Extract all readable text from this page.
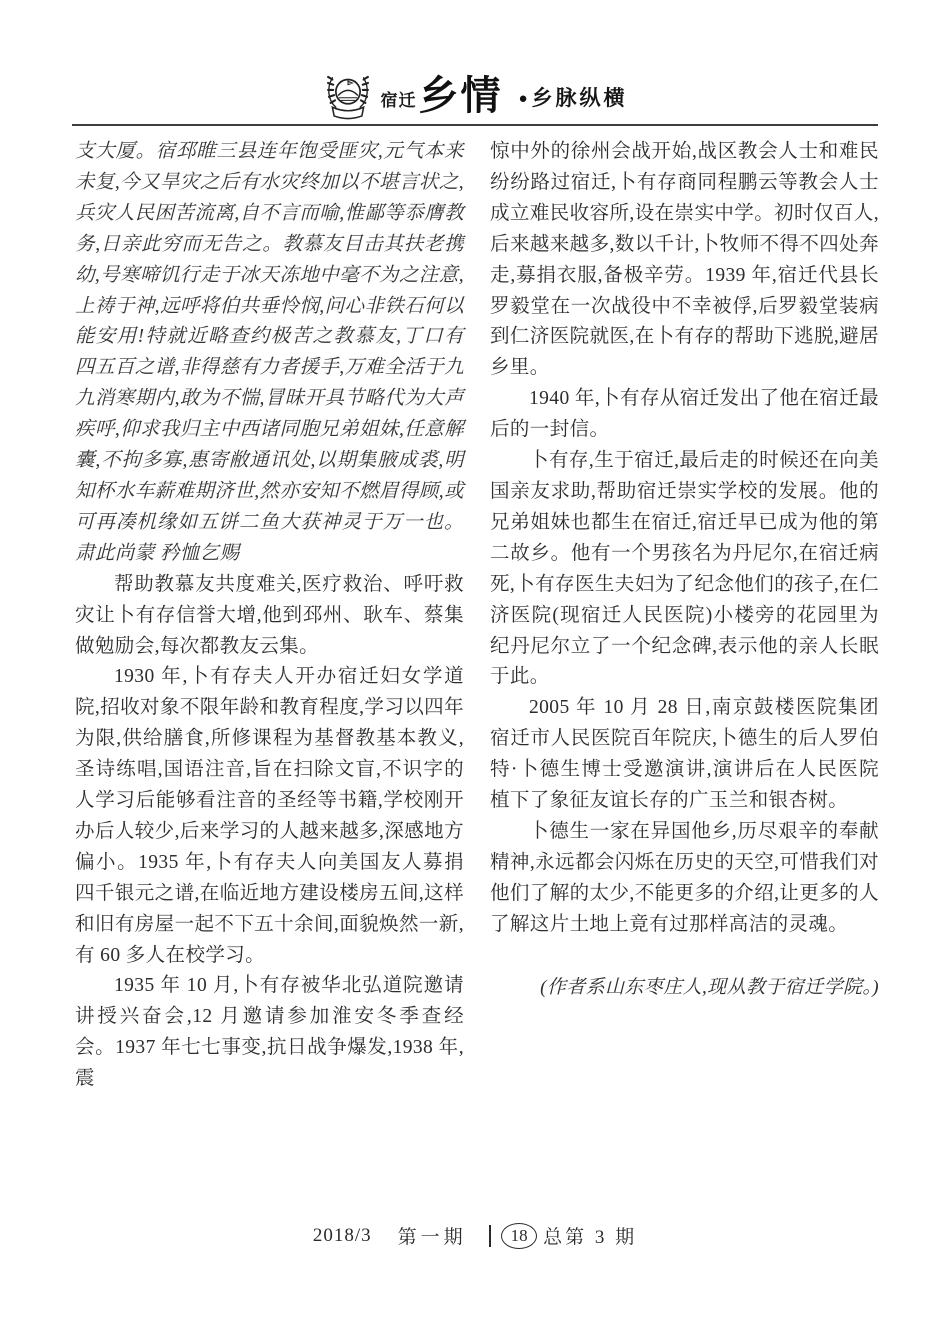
宿迁 乡情 ● 乡脉纵横

支大厦。宿邳睢三县连年饱受匪灾,元气本来未复,今又旱灾之后有水灾终加以不堪言状之,兵灾人民困苦流离,自不言而喻,惟鄙等忝膺教务,日亲此穷而无告之。教慕友目击其扶老携幼,号寒啼饥行走于冰天冻地中毫不为之注意,上祷于神,远呼将伯共垂怜悯,问心非铁石何以能安用!特就近略查约极苦之教慕友,丁口有四五百之谱,非得慈有力者援手,万难全活于九九消寒期内,敢为不惴,冒昧开具节略代为大声疾呼,仰求我归主中西诸同胞兄弟姐妹,任意解囊,不拘多寡,惠寄敝通讯处,以期集腋成裘,明知杯水车薪难期济世,然亦安知不燃眉得顾,或可再凑机缘如五饼二鱼大获神灵于万一也。肃此尚蒙 矜恤乞赐

帮助教慕友共度难关,医疗救治、呼吁救灾让卜有存信誉大增,他到邳州、耿车、蔡集做勉励会,每次都教友云集。

1930 年,卜有存夫人开办宿迁妇女学道院,招收对象不限年龄和教育程度,学习以四年为限,供给膳食,所修课程为基督教基本教义,圣诗练唱,国语注音,旨在扫除文盲,不识字的人学习后能够看注音的圣经等书籍,学校刚开办后人较少,后来学习的人越来越多,深感地方偏小。1935 年,卜有存夫人向美国友人募捐四千银元之谱,在临近地方建设楼房五间,这样和旧有房屋一起不下五十余间,面貌焕然一新,有 60 多人在校学习。

1935 年 10 月,卜有存被华北弘道院邀请讲授兴奋会,12 月邀请参加淮安冬季查经会。1937 年七七事变,抗日战争爆发,1938 年,震

惊中外的徐州会战开始,战区教会人士和难民纷纷路过宿迁,卜有存商同程鹏云等教会人士成立难民收容所,设在崇实中学。初时仅百人,后来越来越多,数以千计,卜牧师不得不四处奔走,募捐衣服,备极辛劳。1939 年,宿迁代县长罗毅堂在一次战役中不幸被俘,后罗毅堂装病到仁济医院就医,在卜有存的帮助下逃脱,避居乡里。

1940 年,卜有存从宿迁发出了他在宿迁最后的一封信。

卜有存,生于宿迁,最后走的时候还在向美国亲友求助,帮助宿迁崇实学校的发展。他的兄弟姐妹也都生在宿迁,宿迁早已成为他的第二故乡。他有一个男孩名为丹尼尔,在宿迁病死,卜有存医生夫妇为了纪念他们的孩子,在仁济医院(现宿迁人民医院)小楼旁的花园里为纪丹尼尔立了一个纪念碑,表示他的亲人长眠于此。

2005 年 10 月 28 日,南京鼓楼医院集团宿迁市人民医院百年院庆,卜德生的后人罗伯特·卜德生博士受邀演讲,演讲后在人民医院植下了象征友谊长存的广玉兰和银杏树。

卜德生一家在异国他乡,历尽艰辛的奉献精神,永远都会闪烁在历史的天空,可惜我们对他们了解的太少,不能更多的介绍,让更多的人了解这片土地上竟有过那样高洁的灵魂。

(作者系山东枣庄人,现从教于宿迁学院。)

2018/3 第一期	18 总第 3 期
